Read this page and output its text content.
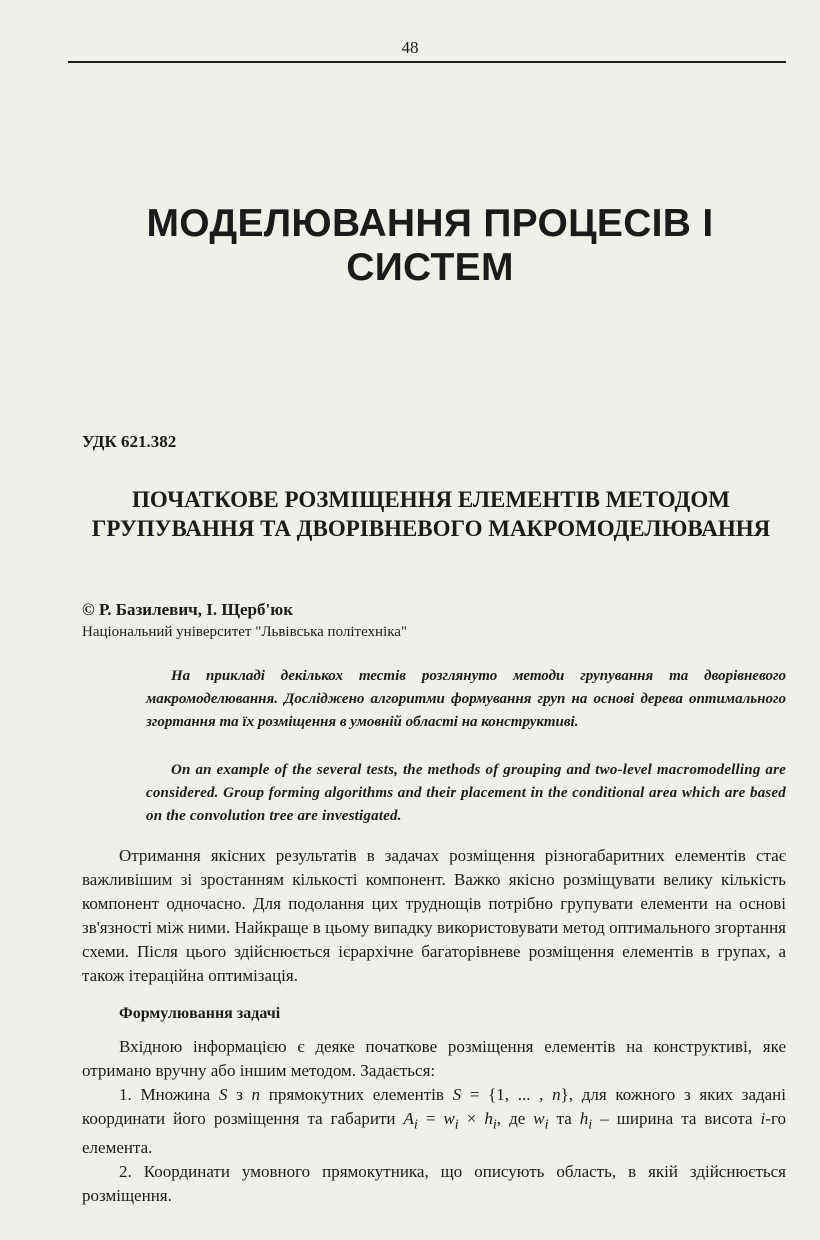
48
МОДЕЛЮВАННЯ ПРОЦЕСІВ І СИСТЕМ
УДК 621.382
ПОЧАТКОВЕ РОЗМІЩЕННЯ ЕЛЕМЕНТІВ МЕТОДОМ ГРУПУВАННЯ ТА ДВОРІВНЕВОГО МАКРОМОДЕЛЮВАННЯ
© Р. Базилевич, І. Щерб'юк
Національний університет "Львівська політехніка"
На прикладі декількох тестів розглянуто методи групування та дворівневого макромоделювання. Досліджено алгоритми формування груп на основі дерева оптимального згортання та їх розміщення в умовній області на конструктиві.
On an example of the several tests, the methods of grouping and two-level macromodelling are considered. Group forming algorithms and their placement in the conditional area which are based on the convolution tree are investigated.

Отримання якісних результатів в задачах розміщення різногабаритних елементів стає важливішим зі зростанням кількості компонент. Важко якісно розміщувати велику кількість компонент одночасно. Для подолання цих труднощів потрібно групувати елементи на основі зв'язності між ними. Найкраще в цьому випадку використовувати метод оптимального згортання схеми. Після цього здійснюється ієрархічне багаторівневе розміщення елементів в групах, а також ітераційна оптимізація.

Формулювання задачі

Вхідною інформацією є деяке початкове розміщення елементів на конструктиві, яке отримано вручну або іншим методом. Задається:

1. Множина S з n прямокутних елементів S = {1, ... , n}, для кожного з яких задані координати його розміщення та габарити $A_i = w_i \times h_i$, де $w_i$ та $h_i$ – ширина та висота i-го елемента.

2. Координати умовного прямокутника, що описують область, в якій здійснюється розміщення.
